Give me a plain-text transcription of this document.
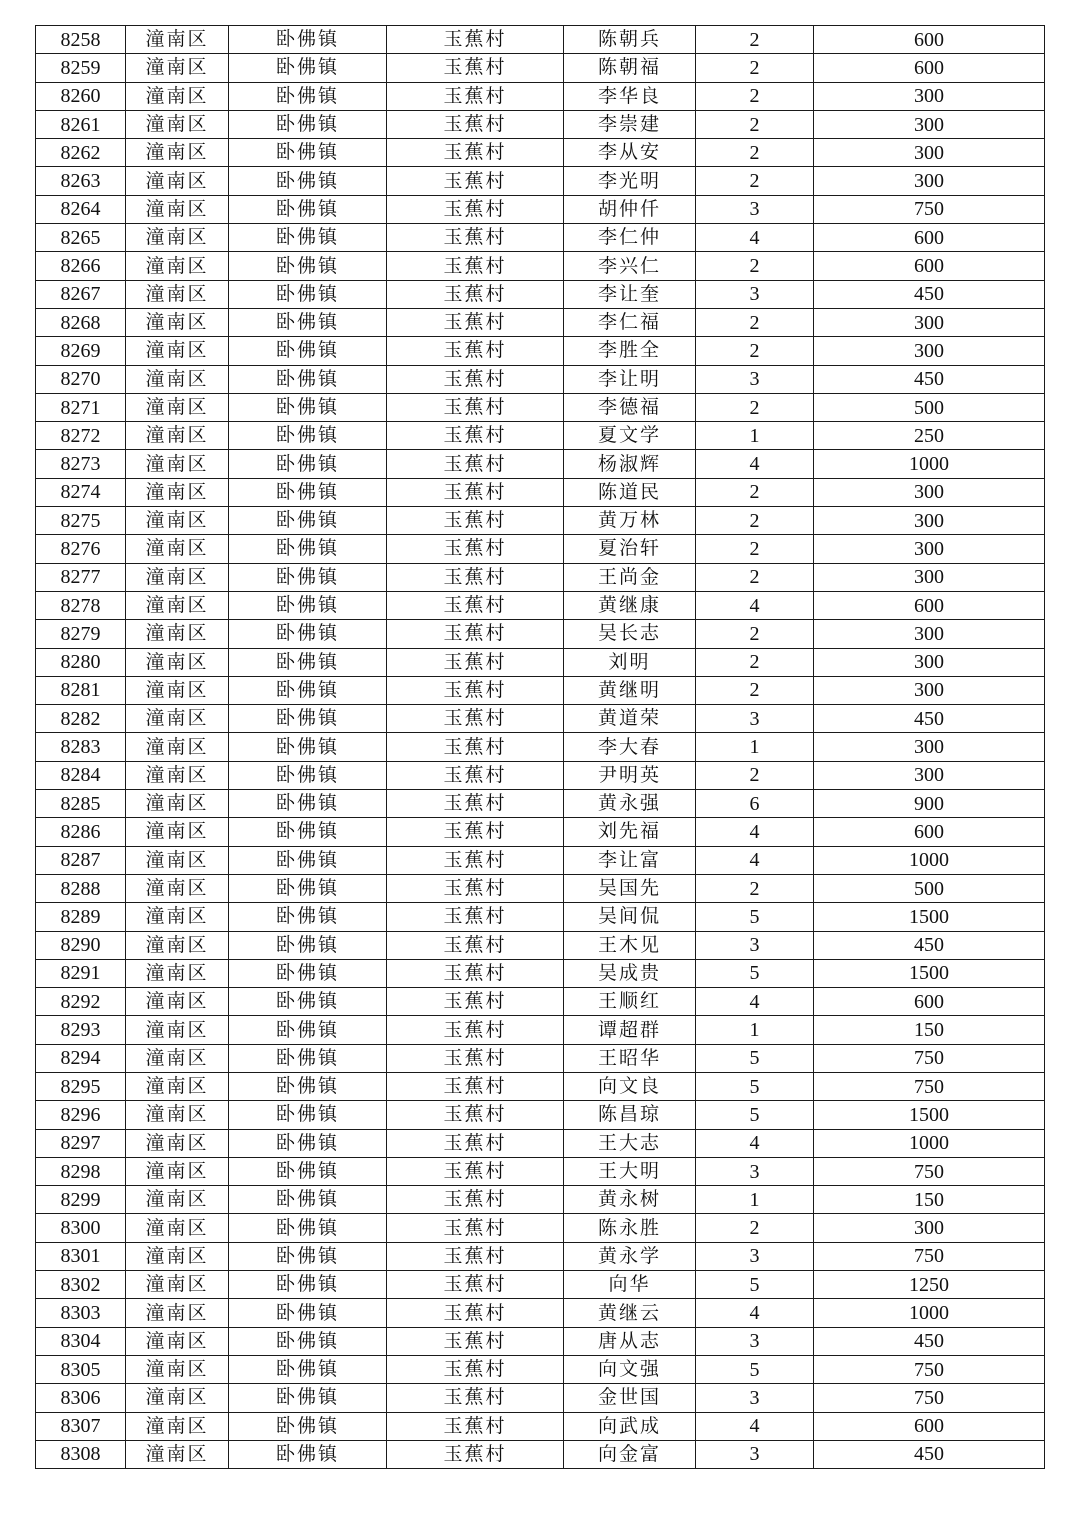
8258	潼南区	卧佛镇	玉蕉村	陈朝兵	2	600
8259	潼南区	卧佛镇	玉蕉村	陈朝福	2	600
8260	潼南区	卧佛镇	玉蕉村	李华良	2	300
8261	潼南区	卧佛镇	玉蕉村	李崇建	2	300
8262	潼南区	卧佛镇	玉蕉村	李从安	2	300
8263	潼南区	卧佛镇	玉蕉村	李光明	2	300
8264	潼南区	卧佛镇	玉蕉村	胡仲仟	3	750
8265	潼南区	卧佛镇	玉蕉村	李仁仲	4	600
8266	潼南区	卧佛镇	玉蕉村	李兴仁	2	600
8267	潼南区	卧佛镇	玉蕉村	李让奎	3	450
8268	潼南区	卧佛镇	玉蕉村	李仁福	2	300
8269	潼南区	卧佛镇	玉蕉村	李胜全	2	300
8270	潼南区	卧佛镇	玉蕉村	李让明	3	450
8271	潼南区	卧佛镇	玉蕉村	李德福	2	500
8272	潼南区	卧佛镇	玉蕉村	夏文学	1	250
8273	潼南区	卧佛镇	玉蕉村	杨淑辉	4	1000
8274	潼南区	卧佛镇	玉蕉村	陈道民	2	300
8275	潼南区	卧佛镇	玉蕉村	黄万林	2	300
8276	潼南区	卧佛镇	玉蕉村	夏治轩	2	300
8277	潼南区	卧佛镇	玉蕉村	王尚金	2	300
8278	潼南区	卧佛镇	玉蕉村	黄继康	4	600
8279	潼南区	卧佛镇	玉蕉村	吴长志	2	300
8280	潼南区	卧佛镇	玉蕉村	刘明	2	300
8281	潼南区	卧佛镇	玉蕉村	黄继明	2	300
8282	潼南区	卧佛镇	玉蕉村	黄道荣	3	450
8283	潼南区	卧佛镇	玉蕉村	李大春	1	300
8284	潼南区	卧佛镇	玉蕉村	尹明英	2	300
8285	潼南区	卧佛镇	玉蕉村	黄永强	6	900
8286	潼南区	卧佛镇	玉蕉村	刘先福	4	600
8287	潼南区	卧佛镇	玉蕉村	李让富	4	1000
8288	潼南区	卧佛镇	玉蕉村	吴国先	2	500
8289	潼南区	卧佛镇	玉蕉村	吴间侃	5	1500
8290	潼南区	卧佛镇	玉蕉村	王木见	3	450
8291	潼南区	卧佛镇	玉蕉村	吴成贵	5	1500
8292	潼南区	卧佛镇	玉蕉村	王顺红	4	600
8293	潼南区	卧佛镇	玉蕉村	谭超群	1	150
8294	潼南区	卧佛镇	玉蕉村	王昭华	5	750
8295	潼南区	卧佛镇	玉蕉村	向文良	5	750
8296	潼南区	卧佛镇	玉蕉村	陈昌琼	5	1500
8297	潼南区	卧佛镇	玉蕉村	王大志	4	1000
8298	潼南区	卧佛镇	玉蕉村	王大明	3	750
8299	潼南区	卧佛镇	玉蕉村	黄永树	1	150
8300	潼南区	卧佛镇	玉蕉村	陈永胜	2	300
8301	潼南区	卧佛镇	玉蕉村	黄永学	3	750
8302	潼南区	卧佛镇	玉蕉村	向华	5	1250
8303	潼南区	卧佛镇	玉蕉村	黄继云	4	1000
8304	潼南区	卧佛镇	玉蕉村	唐从志	3	450
8305	潼南区	卧佛镇	玉蕉村	向文强	5	750
8306	潼南区	卧佛镇	玉蕉村	金世国	3	750
8307	潼南区	卧佛镇	玉蕉村	向武成	4	600
8308	潼南区	卧佛镇	玉蕉村	向金富	3	450
